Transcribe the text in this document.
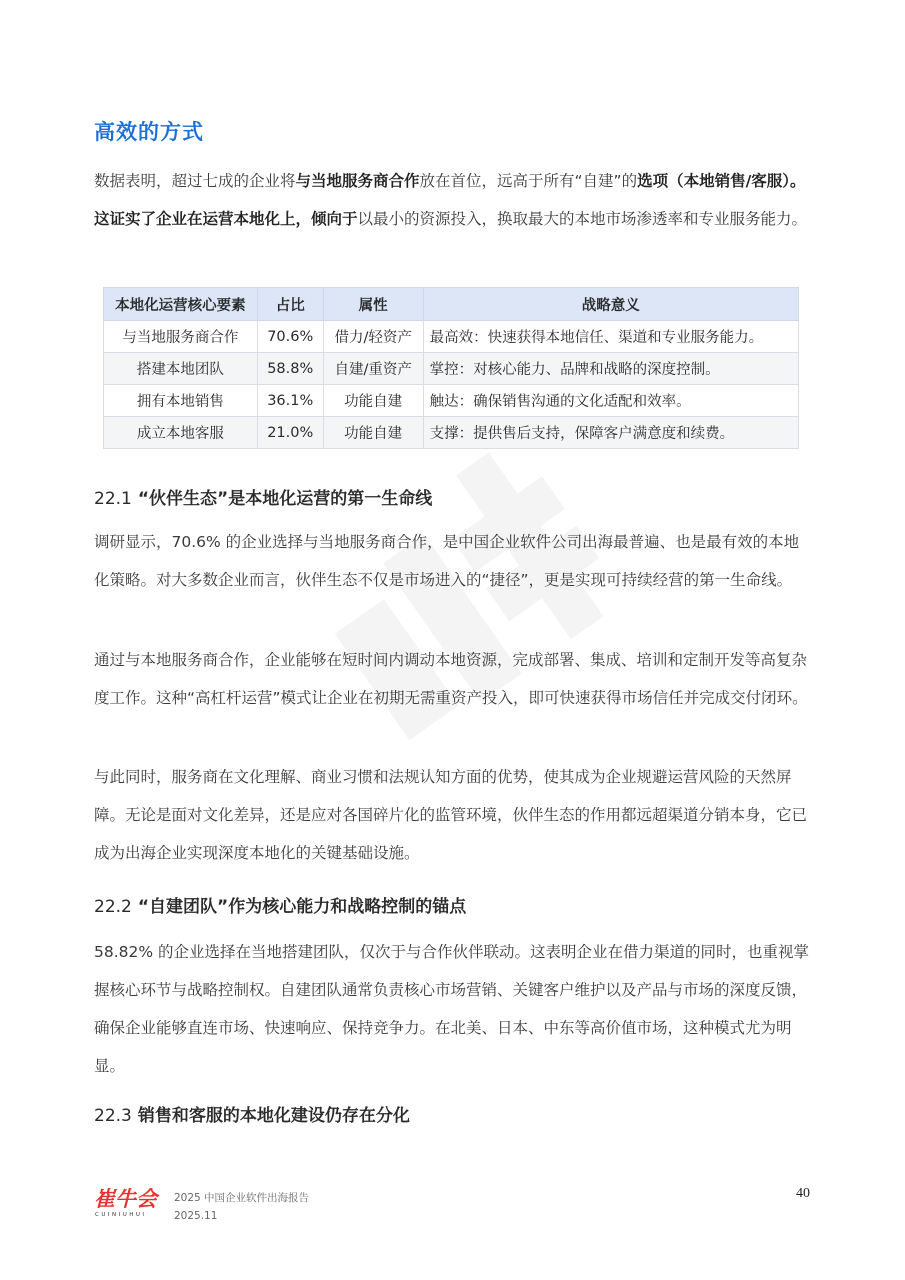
高效的方式

数据表明，超过七成的企业将与当地服务商合作放在首位，远高于所有“自建”的选项（本地销售/客服）。这证实了企业在运营本地化上，倾向于以最小的资源投入，换取最大的本地市场渗透率和专业服务能力。

本地化运营核心要素	占比	属性	战略意义
与当地服务商合作	70.6%	借力/轻资产	最高效：快速获得本地信任、渠道和专业服务能力。
搭建本地团队	58.8%	自建/重资产	掌控：对核心能力、品牌和战略的深度控制。
拥有本地销售	36.1%	功能自建	触达：确保销售沟通的文化适配和效率。
成立本地客服	21.0%	功能自建	支撑：提供售后支持，保障客户满意度和续费。
22.1 “伙伴生态”是本地化运营的第一生命线

调研显示，70.6% 的企业选择与当地服务商合作，是中国企业软件公司出海最普遍、也是最有效的本地化策略。对大多数企业而言，伙伴生态不仅是市场进入的“捷径”，更是实现可持续经营的第一生命线。

通过与本地服务商合作，企业能够在短时间内调动本地资源，完成部署、集成、培训和定制开发等高复杂度工作。这种“高杠杆运营”模式让企业在初期无需重资产投入，即可快速获得市场信任并完成交付闭环。

与此同时，服务商在文化理解、商业习惯和法规认知方面的优势，使其成为企业规避运营风险的天然屏障。无论是面对文化差异，还是应对各国碎片化的监管环境，伙伴生态的作用都远超渠道分销本身，它已成为出海企业实现深度本地化的关键基础设施。

22.2 “自建团队”作为核心能力和战略控制的锚点

58.82% 的企业选择在当地搭建团队，仅次于与合作伙伴联动。这表明企业在借力渠道的同时，也重视掌握核心环节与战略控制权。自建团队通常负责核心市场营销、关键客户维护以及产品与市场的深度反馈，确保企业能够直连市场、快速响应、保持竞争力。在北美、日本、中东等高价值市场，这种模式尤为明显。

22.3 销售和客服的本地化建设仍存在分化
崔牛会
CUINIUHUI
2025 中国企业软件出海报告
2025.11
40
